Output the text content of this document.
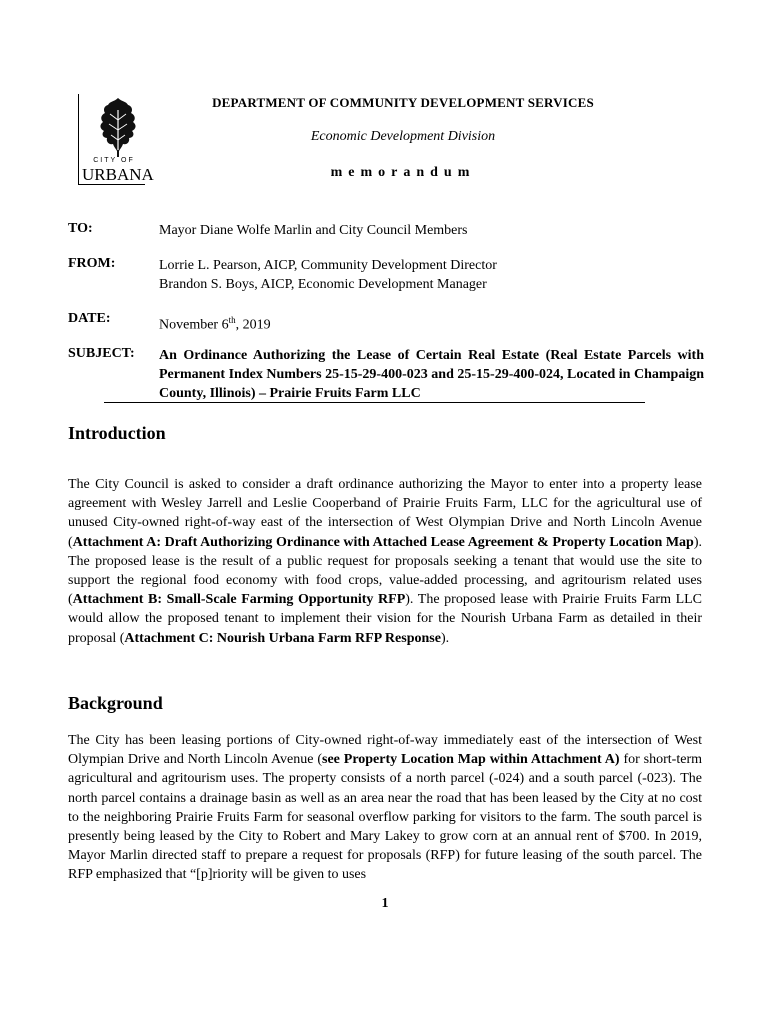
CITY OF
URBANA
DEPARTMENT OF COMMUNITY DEVELOPMENT SERVICES
Economic Development Division
memorandum
TO:	Mayor Diane Wolfe Marlin and City Council Members
FROM:	Lorrie L. Pearson, AICP, Community Development Director
Brandon S. Boys, AICP, Economic Development Manager
DATE:	November 6th, 2019
SUBJECT: An Ordinance Authorizing the Lease of Certain Real Estate (Real Estate Parcels with Permanent Index Numbers 25-15-29-400-023 and 25-15-29-400-024, Located in Champaign County, Illinois) – Prairie Fruits Farm LLC
Introduction
The City Council is asked to consider a draft ordinance authorizing the Mayor to enter into a property lease agreement with Wesley Jarrell and Leslie Cooperband of Prairie Fruits Farm, LLC for the agricultural use of unused City-owned right-of-way east of the intersection of West Olympian Drive and North Lincoln Avenue (Attachment A: Draft Authorizing Ordinance with Attached Lease Agreement & Property Location Map). The proposed lease is the result of a public request for proposals seeking a tenant that would use the site to support the regional food economy with food crops, value-added processing, and agritourism related uses (Attachment B: Small-Scale Farming Opportunity RFP). The proposed lease with Prairie Fruits Farm LLC would allow the proposed tenant to implement their vision for the Nourish Urbana Farm as detailed in their proposal (Attachment C: Nourish Urbana Farm RFP Response).
Background
The City has been leasing portions of City-owned right-of-way immediately east of the intersection of West Olympian Drive and North Lincoln Avenue (see Property Location Map within Attachment A) for short-term agricultural and agritourism uses. The property consists of a north parcel (-024) and a south parcel (-023). The north parcel contains a drainage basin as well as an area near the road that has been leased by the City at no cost to the neighboring Prairie Fruits Farm for seasonal overflow parking for visitors to the farm. The south parcel is presently being leased by the City to Robert and Mary Lakey to grow corn at an annual rent of $700. In 2019, Mayor Marlin directed staff to prepare a request for proposals (RFP) for future leasing of the south parcel. The RFP emphasized that “[p]riority will be given to uses
1
